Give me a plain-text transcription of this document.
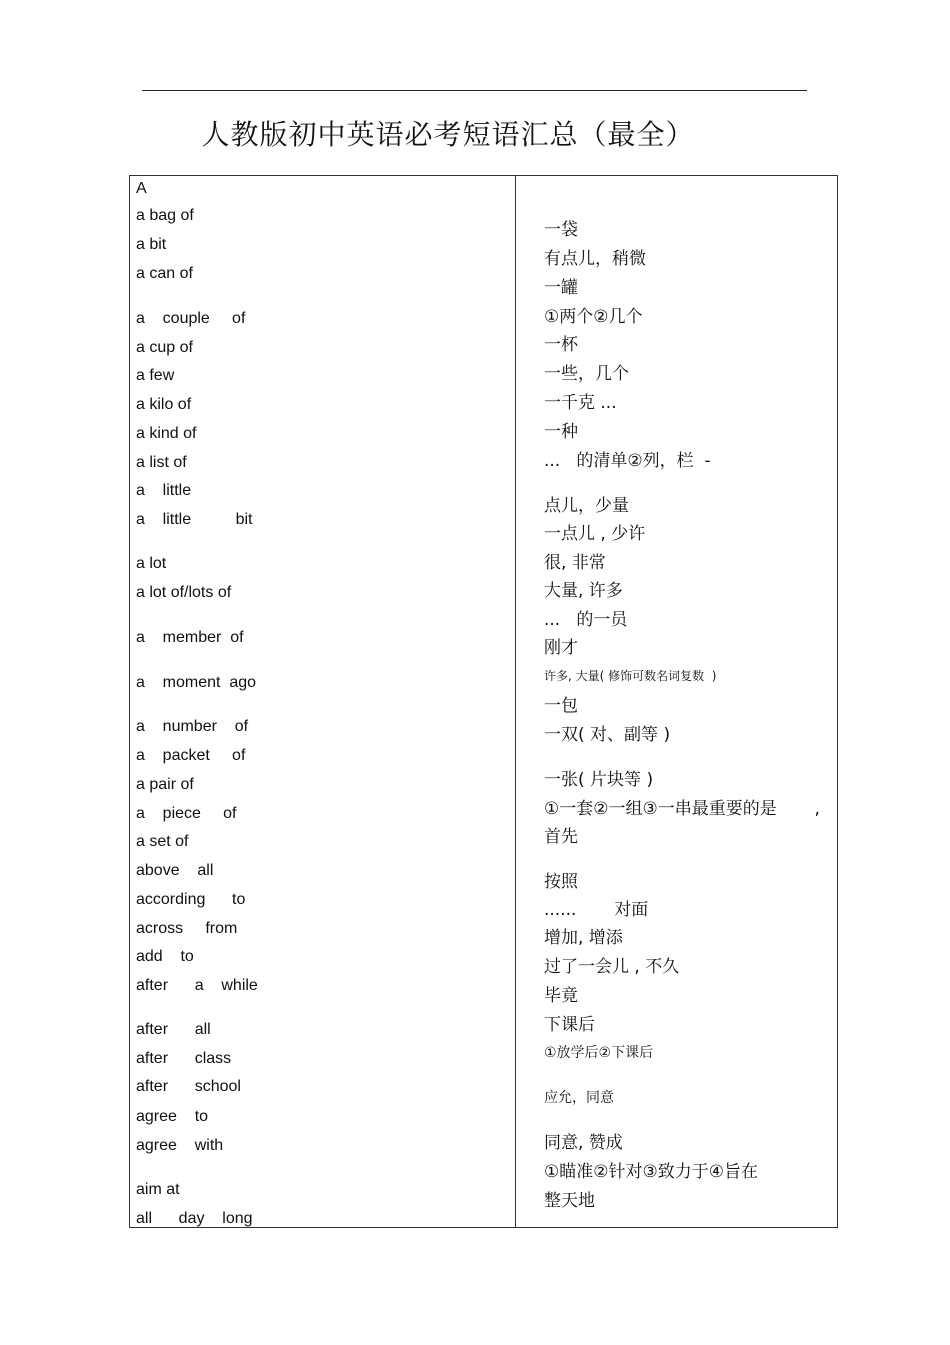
人教版初中英语必考短语汇总（最全）
A
a bag of
a bit
a can of
a    couple     of
a cup of
a few
a kilo of
a kind of
a list of
a    little
a    little          bit
a lot
a lot of/lots of
a    member  of
a    moment  ago
a    number    of
a    packet     of
a pair of
a    piece     of
a set of
above    all
according      to
across     from
add    to
after      a    while
after      all
after      class
after      school
agree    to
agree    with
aim at
all      day    long
一袋
有点儿，稍微
一罐
①两个②几个
一杯
一些，几个
一千克 ...
一种
...   的清单②列，栏  -
点儿，少量
一点儿 , 少许
很, 非常
大量, 许多
...   的一员
刚才
许多, 大量( 修饰可数名词复数  )
一包
一双( 对、副等 )
一张( 片块等 )
①一套②一组③一串最重要的是       ,
首先
按照
......       对面
增加, 增添
过了一会儿 , 不久
毕竟
下课后
①放学后②下课后
应允，同意
同意, 赞成
①瞄准②针对③致力于④旨在
整天地
